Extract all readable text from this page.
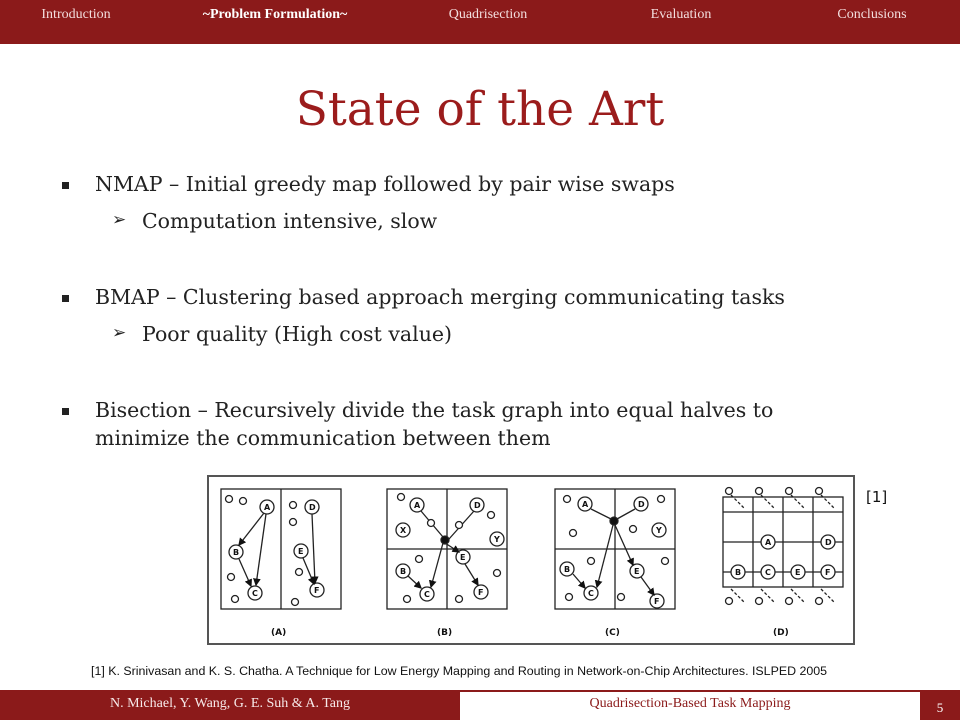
Introduction	~Problem Formulation~	Quadrisection	Evaluation	Conclusions
State of the Art
NMAP – Initial greedy map followed by pair wise swaps
➢ Computation intensive, slow
BMAP – Clustering based approach merging communicating tasks
➢ Poor quality (High cost value)
Bisection – Recursively divide the task graph into equal halves to
minimize the communication between them
A
B
C
D
E
F
(A)
A	D
X
E
Y
B
C	F
(B)
A	D
Y
B
C
E
F
(C)
A	D
B	C	E	F
(D)
[1]
[1] K. Srinivasan and K. S. Chatha. A Technique for Low Energy Mapping and Routing in Network-on-Chip Architectures. ISLPED 2005
N. Michael, Y. Wang, G. E. Suh & A. Tang	Quadrisection-Based Task Mapping	5
